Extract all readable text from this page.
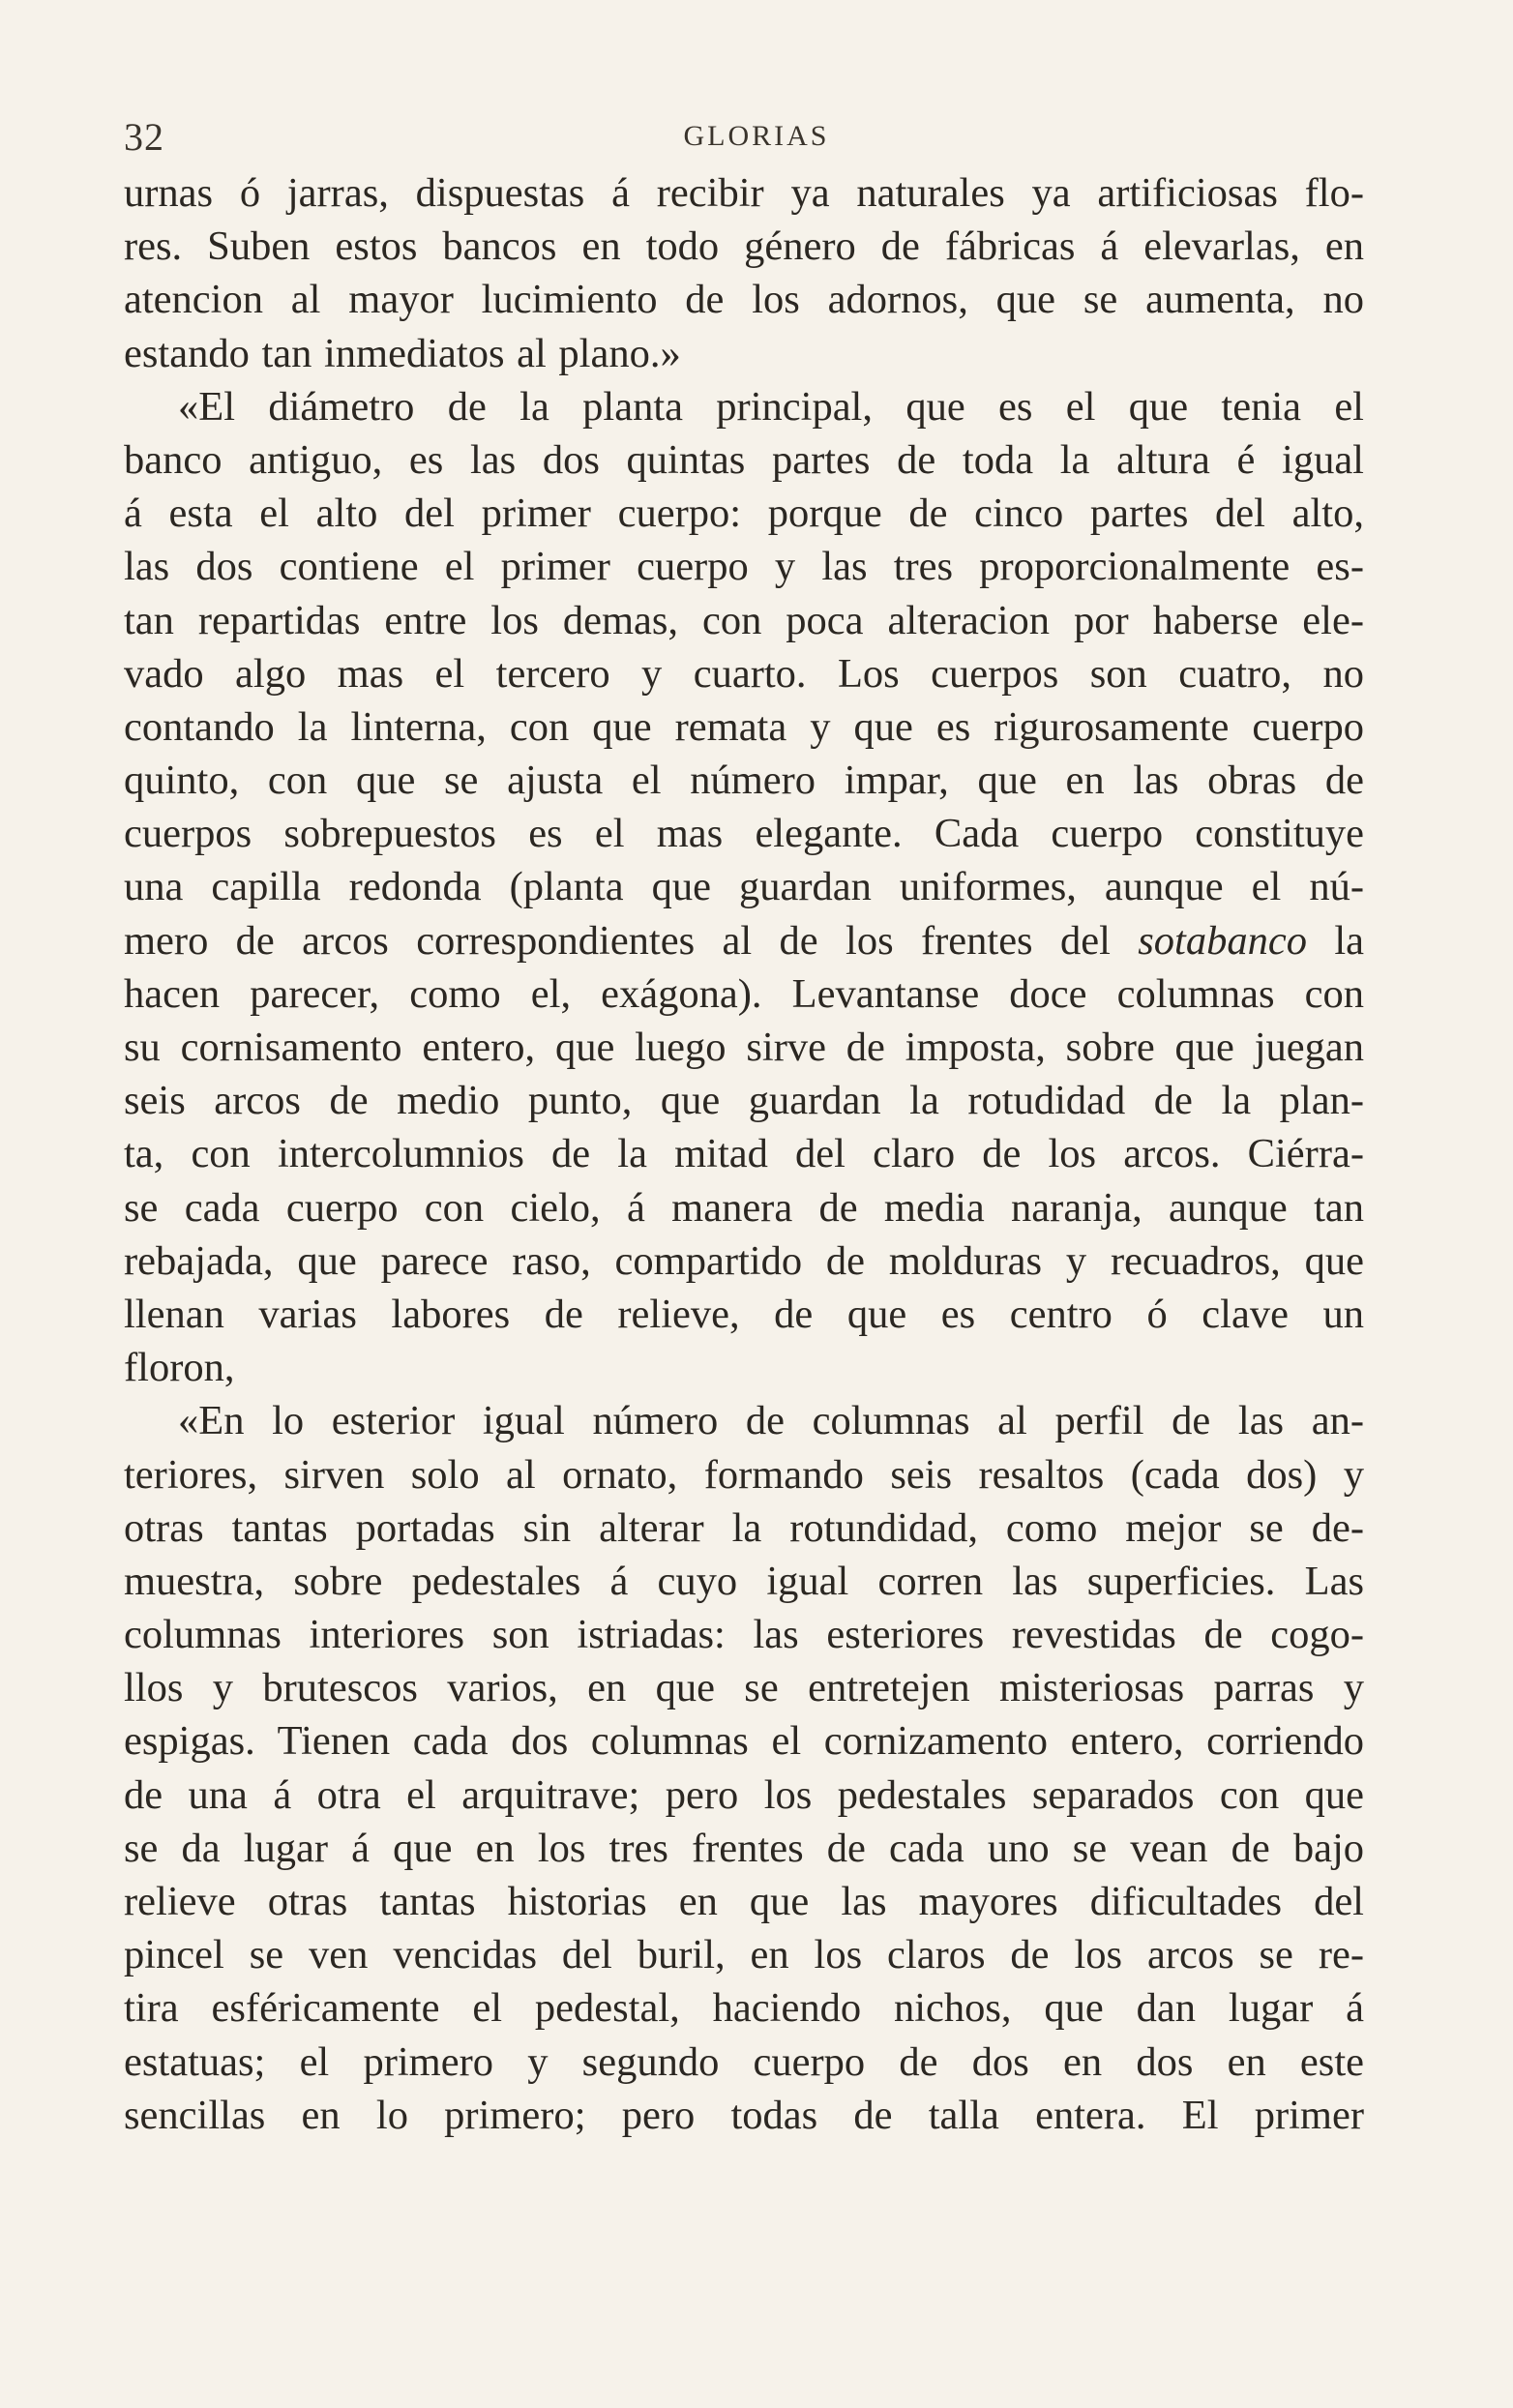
32	GLORIAS
urnas ó jarras, dispuestas á recibir ya naturales ya artificiosas flo-
res. Suben estos bancos en todo género de fábricas á elevarlas, en
atencion al mayor lucimiento de los adornos, que se aumenta, no
estando tan inmediatos al plano.»
«El diámetro de la planta principal, que es el que tenia el
banco antiguo, es las dos quintas partes de toda la altura é igual
á esta el alto del primer cuerpo: porque de cinco partes del alto,
las dos contiene el primer cuerpo y las tres proporcionalmente es-
tan repartidas entre los demas, con poca alteracion por haberse ele-
vado algo mas el tercero y cuarto. Los cuerpos son cuatro, no
contando la linterna, con que remata y que es rigurosamente cuerpo
quinto, con que se ajusta el número impar, que en las obras de
cuerpos sobrepuestos es el mas elegante. Cada cuerpo constituye
una capilla redonda (planta que guardan uniformes, aunque el nú-
mero de arcos correspondientes al de los frentes del sotabanco la
hacen parecer, como el, exágona). Levantanse doce columnas con
su cornisamento entero, que luego sirve de imposta, sobre que juegan
seis arcos de medio punto, que guardan la rotudidad de la plan-
ta, con intercolumnios de la mitad del claro de los arcos. Ciérra-
se cada cuerpo con cielo, á manera de media naranja, aunque tan
rebajada, que parece raso, compartido de molduras y recuadros, que
llenan varias labores de relieve, de que es centro ó clave un
floron,
«En lo esterior igual número de columnas al perfil de las an-
teriores, sirven solo al ornato, formando seis resaltos (cada dos) y
otras tantas portadas sin alterar la rotundidad, como mejor se de-
muestra, sobre pedestales á cuyo igual corren las superficies. Las
columnas interiores son istriadas: las esteriores revestidas de cogo-
llos y brutescos varios, en que se entretejen misteriosas parras y
espigas. Tienen cada dos columnas el cornizamento entero, corriendo
de una á otra el arquitrave; pero los pedestales separados con que
se da lugar á que en los tres frentes de cada uno se vean de bajo
relieve otras tantas historias en que las mayores dificultades del
pincel se ven vencidas del buril, en los claros de los arcos se re-
tira esféricamente el pedestal, haciendo nichos, que dan lugar á
estatuas; el primero y segundo cuerpo de dos en dos en este
sencillas en lo primero; pero todas de talla entera. El primer
